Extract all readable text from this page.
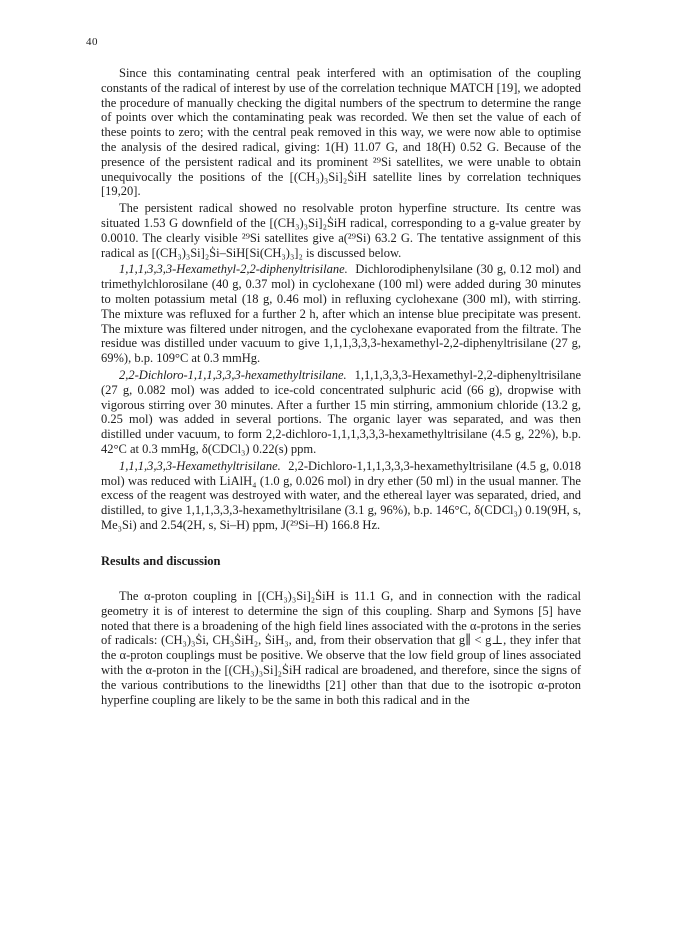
40

Since this contaminating central peak interfered with an optimisation of the coupling constants of the radical of interest by use of the correlation technique MATCH [19], we adopted the procedure of manually checking the digital numbers of the spectrum to determine the range of points over which the contaminating peak was recorded. We then set the value of each of these points to zero; with the central peak removed in this way, we were now able to optimise the analysis of the desired radical, giving: 1(H) 11.07 G, and 18(H) 0.52 G. Because of the presence of the persistent radical and its prominent ²⁹Si satellites, we were unable to obtain unequivocally the positions of the [(CH₃)₃Si]₂ṠiH satellite lines by correlation techniques [19,20].

The persistent radical showed no resolvable proton hyperfine structure. Its centre was situated 1.53 G downfield of the [(CH₃)₃Si]₂ṠiH radical, corresponding to a g-value greater by 0.0010. The clearly visible ²⁹Si satellites give a(²⁹Si) 63.2 G. The tentative assignment of this radical as [(CH₃)₃Si]₂Ṡi–SiH[Si(CH₃)₃]₂ is discussed below.

1,1,1,3,3,3-Hexamethyl-2,2-diphenyltrisilane. Dichlorodiphenylsilane (30 g, 0.12 mol) and trimethylchlorosilane (40 g, 0.37 mol) in cyclohexane (100 ml) were added during 30 minutes to molten potassium metal (18 g, 0.46 mol) in refluxing cyclohexane (300 ml), with stirring. The mixture was refluxed for a further 2 h, after which an intense blue precipitate was present. The mixture was filtered under nitrogen, and the cyclohexane evaporated from the filtrate. The residue was distilled under vacuum to give 1,1,1,3,3,3-hexamethyl-2,2-diphenyltrisilane (27 g, 69%), b.p. 109°C at 0.3 mmHg.

2,2-Dichloro-1,1,1,3,3,3-hexamethyltrisilane. 1,1,1,3,3,3-Hexamethyl-2,2-diphenyltrisilane (27 g, 0.082 mol) was added to ice-cold concentrated sulphuric acid (66 g), dropwise with vigorous stirring over 30 minutes. After a further 15 min stirring, ammonium chloride (13.2 g, 0.25 mol) was added in several portions. The organic layer was separated, and was then distilled under vacuum, to form 2,2-dichloro-1,1,1,3,3,3-hexamethyltrisilane (4.5 g, 22%), b.p. 42°C at 0.3 mmHg, δ(CDCl₃) 0.22(s) ppm.

1,1,1,3,3,3-Hexamethyltrisilane. 2,2-Dichloro-1,1,1,3,3,3-hexamethyltrisilane (4.5 g, 0.018 mol) was reduced with LiAlH₄ (1.0 g, 0.026 mol) in dry ether (50 ml) in the usual manner. The excess of the reagent was destroyed with water, and the ethereal layer was separated, dried, and distilled, to give 1,1,1,3,3,3-hexamethyltrisilane (3.1 g, 96%), b.p. 146°C, δ(CDCl₃) 0.19(9H, s, Me₃Si) and 2.54(2H, s, Si–H) ppm, J(²⁹Si–H) 166.8 Hz.

Results and discussion

The α-proton coupling in [(CH₃)₃Si]₂ṠiH is 11.1 G, and in connection with the radical geometry it is of interest to determine the sign of this coupling. Sharp and Symons [5] have noted that there is a broadening of the high field lines associated with the α-protons in the series of radicals: (CH₃)₃Ṡi, CH₃ṠiH₂, ṠiH₃, and, from their observation that g∥ < g⊥, they infer that the α-proton couplings must be positive. We observe that the low field group of lines associated with the α-proton in the [(CH₃)₃Si]₂ṠiH radical are broadened, and therefore, since the signs of the various contributions to the linewidths [21] other than that due to the isotropic α-proton hyperfine coupling are likely to be the same in both this radical and in the
